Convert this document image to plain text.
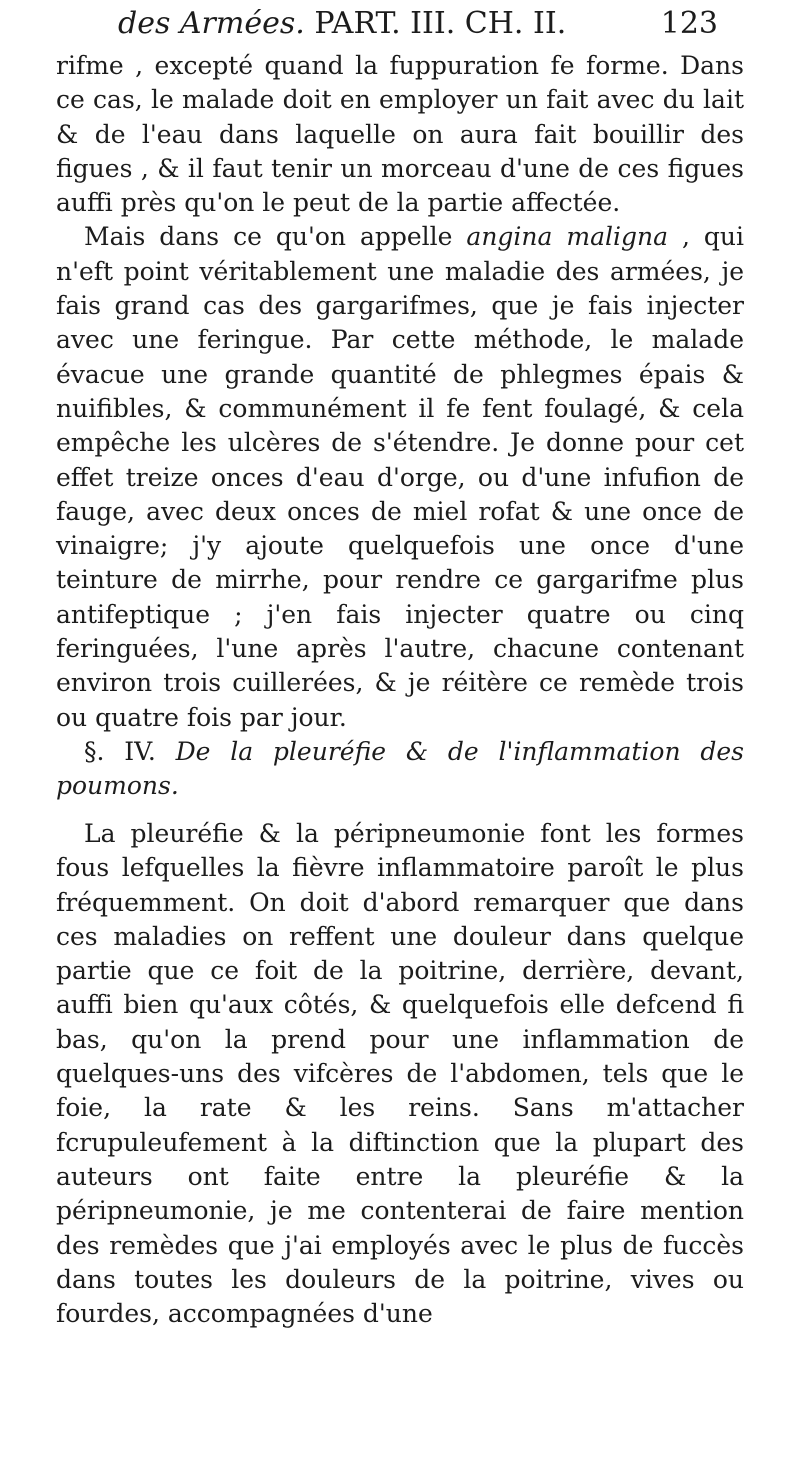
des Armées. PART. III. CH. II.	123

rifme , excepté quand la fuppuration fe forme. Dans ce cas, le malade doit en employer un fait avec du lait & de l'eau dans laquelle on aura fait bouillir des figues , & il faut tenir un morceau d'une de ces figues auffi près qu'on le peut de la partie affectée.

Mais dans ce qu'on appelle angina maligna , qui n'eft point véritablement une maladie des armées, je fais grand cas des gargarifmes, que je fais injecter avec une feringue. Par cette méthode, le malade évacue une grande quantité de phlegmes épais & nuifibles, & communément il fe fent foulagé, & cela empêche les ulcères de s'étendre. Je donne pour cet effet treize onces d'eau d'orge, ou d'une infufion de fauge, avec deux onces de miel rofat & une once de vinaigre; j'y ajoute quelquefois une once d'une teinture de mirrhe, pour rendre ce gargarifme plus antifeptique ; j'en fais injecter quatre ou cinq feringuées, l'une après l'autre, chacune contenant environ trois cuillerées, & je réitère ce remède trois ou quatre fois par jour.

§. IV. De la pleuréfie & de l'inflammation des poumons.

La pleuréfie & la péripneumonie font les formes fous lefquelles la fièvre inflammatoire paroît le plus fréquemment. On doit d'abord remarquer que dans ces maladies on reffent une douleur dans quelque partie que ce foit de la poitrine, derrière, devant, auffi bien qu'aux côtés, & quelquefois elle defcend fi bas, qu'on la prend pour une inflammation de quelques-uns des vifcères de l'abdomen, tels que le foie, la rate & les reins. Sans m'attacher fcrupuleufement à la diftinction que la plupart des auteurs ont faite entre la pleuréfie & la péripneumonie, je me contenterai de faire mention des remèdes que j'ai employés avec le plus de fuccès dans toutes les douleurs de la poitrine, vives ou fourdes, accompagnées d'une
